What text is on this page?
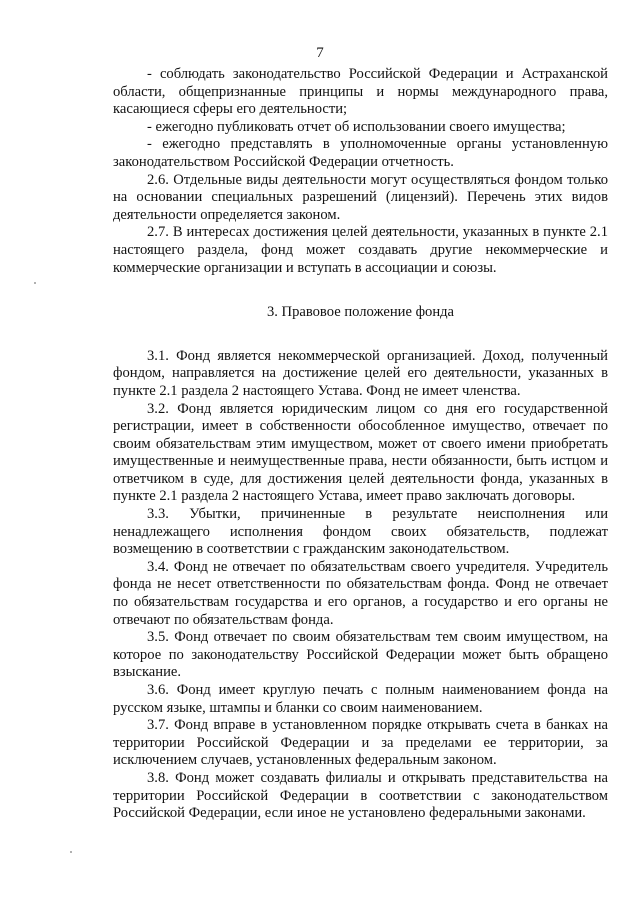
7

- соблюдать законодательство Российской Федерации и Астраханской области, общепризнанные принципы и нормы международного права, касающиеся сферы его деятельности;

- ежегодно публиковать отчет об использовании своего имущества;

- ежегодно представлять в уполномоченные органы установленную законодательством Российской Федерации отчетность.

2.6. Отдельные виды деятельности могут осуществляться фондом только на основании специальных разрешений (лицензий). Перечень этих видов деятельности определяется законом.

2.7. В интересах достижения целей деятельности, указанных в пункте 2.1 настоящего раздела, фонд может создавать другие некоммерческие и коммерческие организации и вступать в ассоциации и союзы.

3. Правовое положение фонда

3.1. Фонд является некоммерческой организацией. Доход, полученный фондом, направляется на достижение целей его деятельности, указанных в пункте 2.1 раздела 2 настоящего Устава. Фонд не имеет членства.

3.2. Фонд является юридическим лицом со дня его государственной регистрации, имеет в собственности обособленное имущество, отвечает по своим обязательствам этим имуществом, может от своего имени приобретать имущественные и неимущественные права, нести обязанности, быть истцом и ответчиком в суде, для достижения целей деятельности фонда, указанных в пункте 2.1 раздела 2 настоящего Устава, имеет право заключать договоры.

3.3. Убытки, причиненные в результате неисполнения или ненадлежащего исполнения фондом своих обязательств, подлежат возмещению в соответствии с гражданским законодательством.

3.4. Фонд не отвечает по обязательствам своего учредителя. Учредитель фонда не несет ответственности по обязательствам фонда. Фонд не отвечает по обязательствам государства и его органов, а государство и его органы не отвечают по обязательствам фонда.

3.5. Фонд отвечает по своим обязательствам тем своим имуществом, на которое по законодательству Российской Федерации может быть обращено взыскание.

3.6. Фонд имеет круглую печать с полным наименованием фонда на русском языке, штампы и бланки со своим наименованием.

3.7. Фонд вправе в установленном порядке открывать счета в банках на территории Российской Федерации и за пределами ее территории, за исключением случаев, установленных федеральным законом.

3.8. Фонд может создавать филиалы и открывать представительства на территории Российской Федерации в соответствии с законодательством Российской Федерации, если иное не установлено федеральными законами.
